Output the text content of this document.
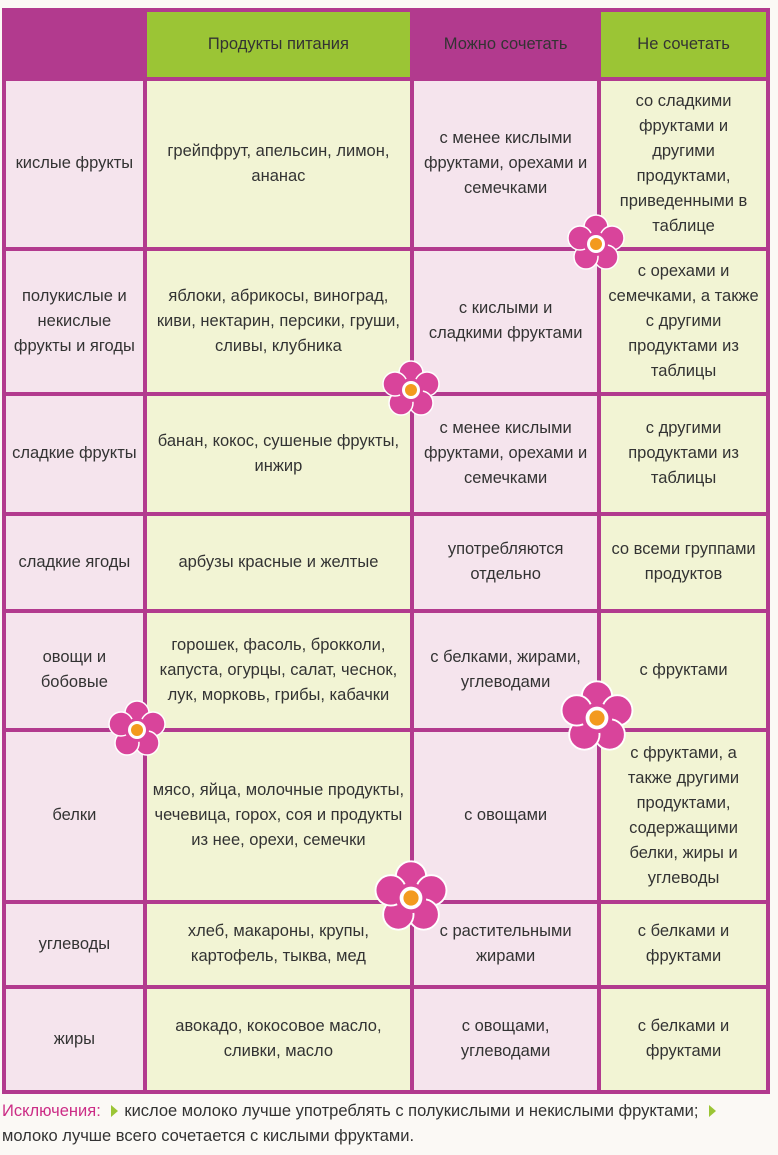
	Продукты питания	Можно сочетать	Не сочетать
кислые фрукты	грейпфрут, апельсин, лимон, ананас	с менее кислыми фруктами, орехами и семечками	со сладкими фруктами и другими продуктами, приведенными в таблице
полукислые и некислые фрукты и ягоды	яблоки, абрикосы, виноград, киви, нектарин, персики, груши, сливы, клубника	с кислыми и сладкими фруктами	с орехами и семечками, а также с другими продуктами из таблицы
сладкие фрукты	банан, кокос, сушеные фрукты, инжир	с менее кислыми фруктами, орехами и семечками	с другими продуктами из таблицы
сладкие ягоды	арбузы красные и желтые	употребляются отдельно	со всеми группами продуктов
овощи и бобовые	горошек, фасоль, брокколи, капуста, огурцы, салат, чеснок, лук, морковь, грибы, кабачки	с белками, жирами, углеводами	с фруктами
белки	мясо, яйца, молочные продукты, чечевица, горох, соя и продукты из нее, орехи, семечки	с овощами	с фруктами, а также другими продуктами, содержащими белки, жиры и углеводы
углеводы	хлеб, макароны, крупы, картофель, тыква, мед	с растительными жирами	с белками и фруктами
жиры	авокадо, кокосовое масло, сливки, масло	с овощами, углеводами	с белками и фруктами
Исключения: кислое молоко лучше употреблять с полукислыми и некислыми фруктами; молоко лучше всего сочетается с кислыми фруктами.
